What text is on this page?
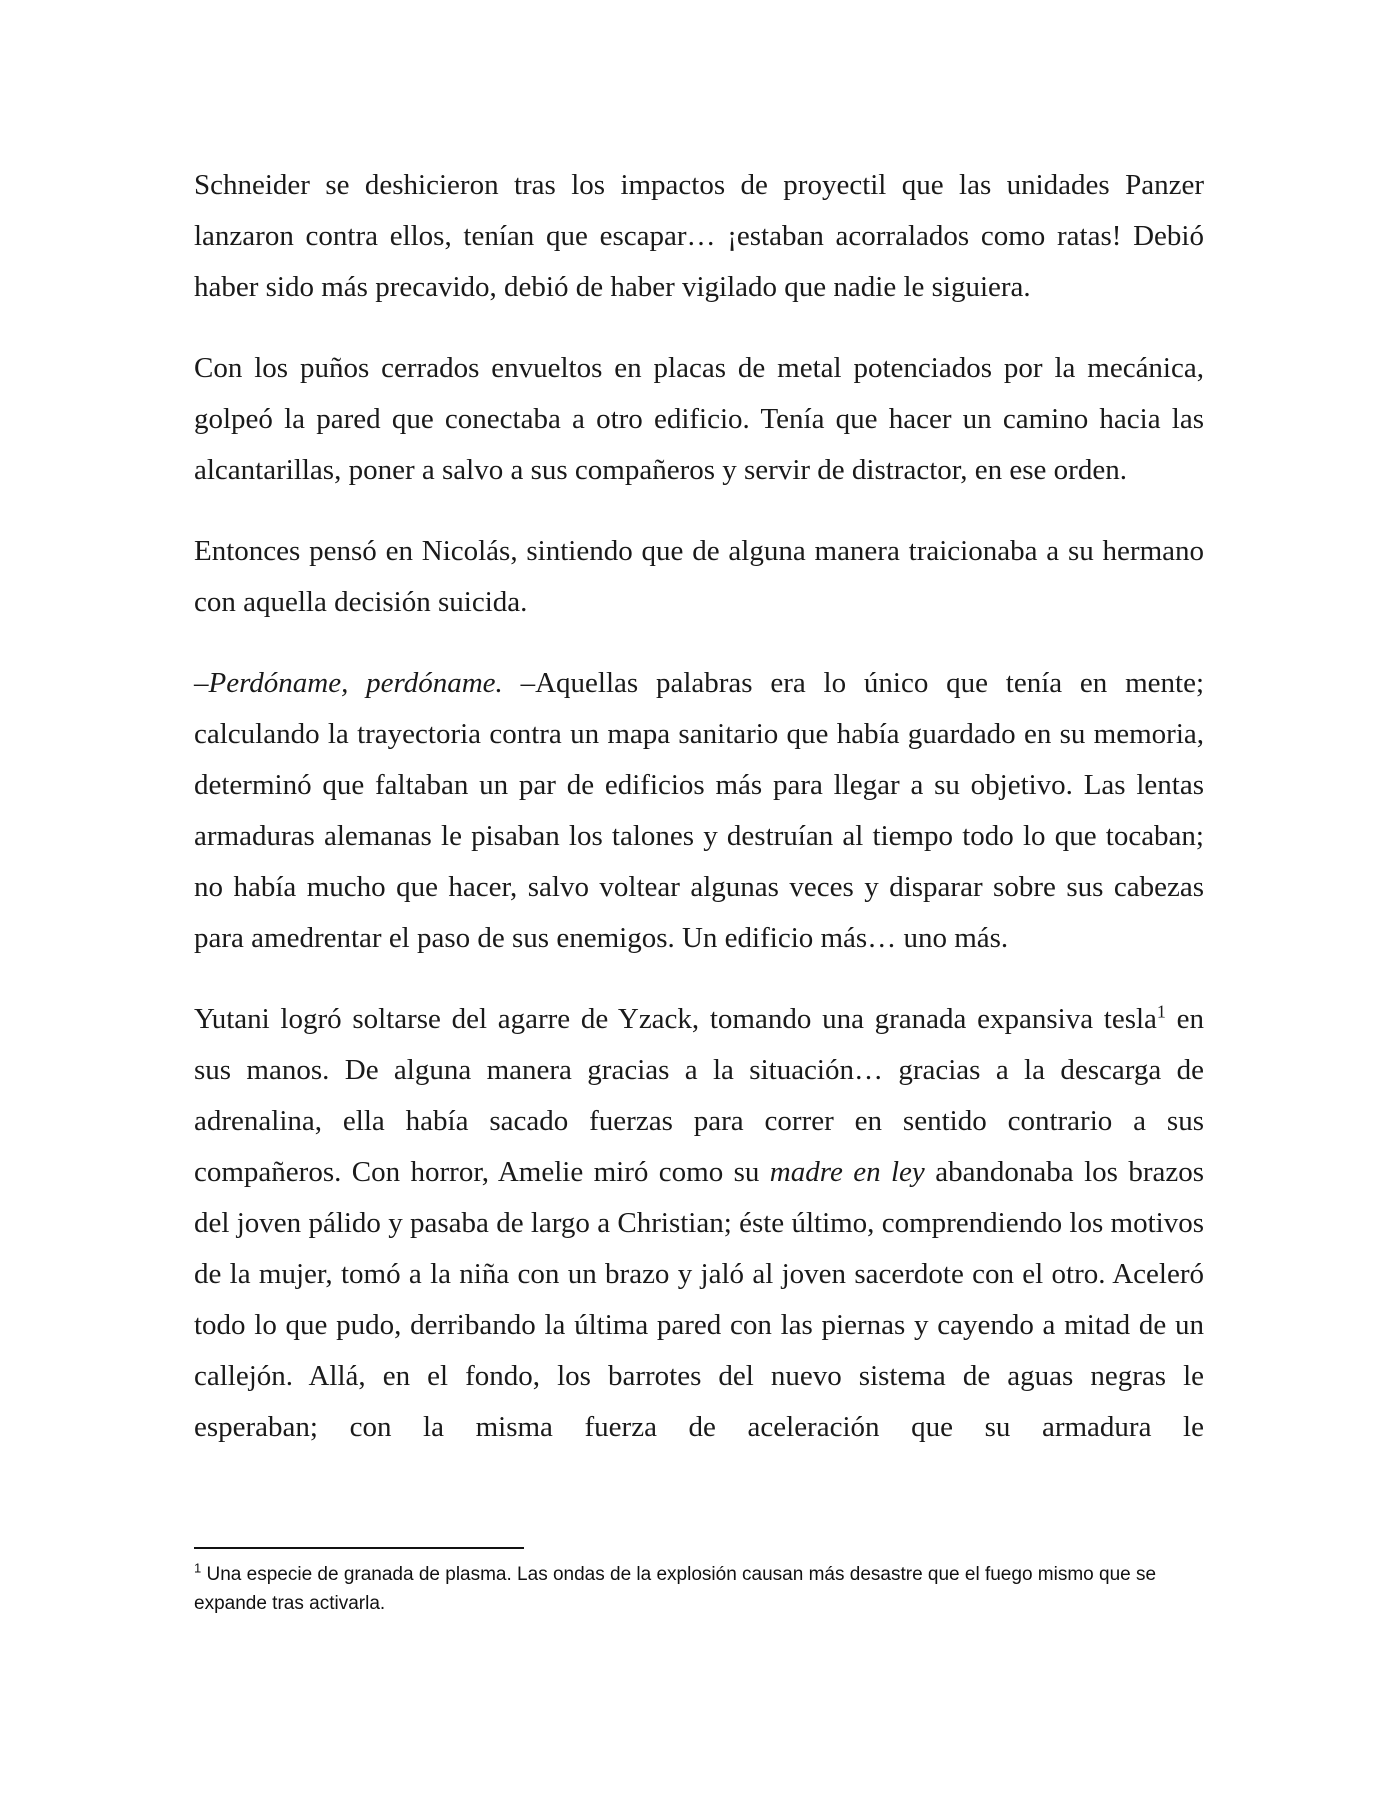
Schneider se deshicieron tras los impactos de proyectil que las unidades Panzer lanzaron contra ellos, tenían que escapar… ¡estaban acorralados como ratas! Debió haber sido más precavido, debió de haber vigilado que nadie le siguiera.

Con los puños cerrados envueltos en placas de metal potenciados por la mecánica, golpeó la pared que conectaba a otro edificio. Tenía que hacer un camino hacia las alcantarillas, poner a salvo a sus compañeros y servir de distractor, en ese orden.

Entonces pensó en Nicolás, sintiendo que de alguna manera traicionaba a su hermano con aquella decisión suicida.

–Perdóname, perdóname. –Aquellas palabras era lo único que tenía en mente; calculando la trayectoria contra un mapa sanitario que había guardado en su memoria, determinó que faltaban un par de edificios más para llegar a su objetivo. Las lentas armaduras alemanas le pisaban los talones y destruían al tiempo todo lo que tocaban; no había mucho que hacer, salvo voltear algunas veces y disparar sobre sus cabezas para amedrentar el paso de sus enemigos. Un edificio más… uno más.

Yutani logró soltarse del agarre de Yzack, tomando una granada expansiva tesla$^1$ en sus manos. De alguna manera gracias a la situación… gracias a la descarga de adrenalina, ella había sacado fuerzas para correr en sentido contrario a sus compañeros. Con horror, Amelie miró como su madre en ley abandonaba los brazos del joven pálido y pasaba de largo a Christian; éste último, comprendiendo los motivos de la mujer, tomó a la niña con un brazo y jaló al joven sacerdote con el otro. Aceleró todo lo que pudo, derribando la última pared con las piernas y cayendo a mitad de un callejón. Allá, en el fondo, los barrotes del nuevo sistema de aguas negras le esperaban; con la misma fuerza de aceleración que su armadura le

$^1$ Una especie de granada de plasma. Las ondas de la explosión causan más desastre que el fuego mismo que se expande tras activarla.
